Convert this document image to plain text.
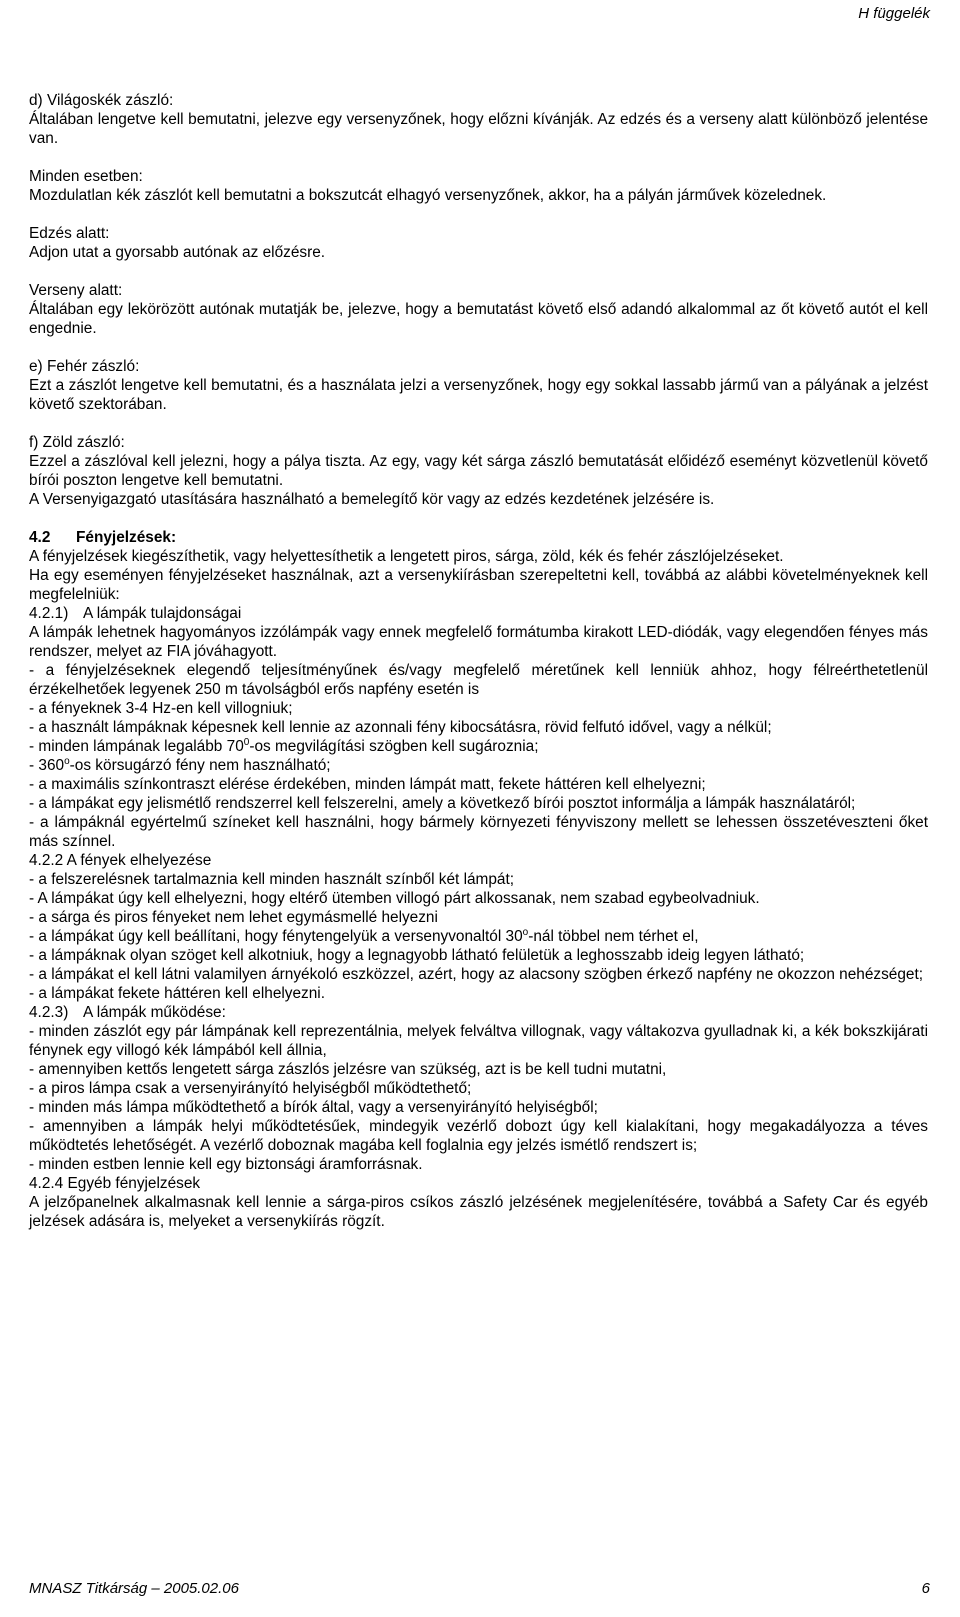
H függelék

d) Világoskék zászló:

Általában lengetve kell bemutatni, jelezve egy versenyzőnek, hogy előzni kívánják. Az edzés és a verseny alatt különböző jelentése van.

Minden esetben:

Mozdulatlan kék zászlót kell bemutatni a bokszutcát elhagyó versenyzőnek, akkor, ha a pályán járművek közelednek.

Edzés alatt:

Adjon utat a gyorsabb autónak az előzésre.

Verseny alatt:

Általában egy lekörözött autónak mutatják be, jelezve, hogy a bemutatást követő első adandó alkalommal az őt követő autót el kell engednie.

e) Fehér zászló:

Ezt a zászlót lengetve kell bemutatni, és a használata jelzi a versenyzőnek, hogy egy sokkal lassabb jármű van a pályának a jelzést követő szektorában.

f) Zöld zászló:

Ezzel a zászlóval kell jelezni, hogy a pálya tiszta. Az egy, vagy két sárga zászló bemutatását előidéző eseményt közvetlenül követő bírói poszton lengetve kell bemutatni.

A Versenyigazgató utasítására használható a bemelegítő kör vagy az edzés kezdetének jelzésére is.

4.2 Fényjelzések:

A fényjelzések kiegészíthetik, vagy helyettesíthetik a lengetett piros, sárga, zöld, kék és fehér zászlójelzéseket.

Ha egy eseményen fényjelzéseket használnak, azt a versenykiírásban szerepeltetni kell, továbbá az alábbi követelményeknek kell megfelelniük:

4.2.1) A lámpák tulajdonságai

A lámpák lehetnek hagyományos izzólámpák vagy ennek megfelelő formátumba kirakott LED-diódák, vagy elegendően fényes más rendszer, melyet az FIA jóváhagyott.

- a fényjelzéseknek elegendő teljesítményűnek és/vagy megfelelő méretűnek kell lenniük ahhoz, hogy félreérthetetlenül érzékelhetőek legyenek 250 m távolságból erős napfény esetén is

- a fényeknek 3-4 Hz-en kell villogniuk;

- a használt lámpáknak képesnek kell lennie az azonnali fény kibocsátásra, rövid felfutó idővel, vagy a nélkül;

- minden lámpának legalább $70^0-os$ megvilágítási szögben kell sugároznia;

- 360$^o$-os körsugárzó fény nem használható;

- a maximális színkontraszt elérése érdekében, minden lámpát matt, fekete háttéren kell elhelyezni;

- a lámpákat egy jelismétlő rendszerrel kell felszerelni, amely a következő bírói posztot informálja a lámpák használatáról;

- a lámpáknál egyértelmű színeket kell használni, hogy bármely környezeti fényviszony mellett se lehessen összetéveszteni őket más színnel.

4.2.2 A fények elhelyezése

- a felszerelésnek tartalmaznia kell minden használt színből két lámpát;

- A lámpákat úgy kell elhelyezni, hogy eltérő ütemben villogó párt alkossanak, nem szabad egybeolvadniuk.

- a sárga és piros fényeket nem lehet egymásmellé helyezni

- a lámpákat úgy kell beállítani, hogy fénytengelyük a versenyvonaltól 30$^o$-nál többel nem térhet el,

- a lámpáknak olyan szöget kell alkotniuk, hogy a legnagyobb látható felületük a leghosszabb ideig legyen látható;

- a lámpákat el kell látni valamilyen árnyékoló eszközzel, azért, hogy az alacsony szögben érkező napfény ne okozzon nehézséget;

- a lámpákat fekete háttéren kell elhelyezni.

4.2.3) A lámpák működése:

- minden zászlót egy pár lámpának kell reprezentálnia, melyek felváltva villognak, vagy váltakozva gyulladnak ki, a kék bokszkijárati fénynek egy villogó kék lámpából kell állnia,

- amennyiben kettős lengetett sárga zászlós jelzésre van szükség, azt is be kell tudni mutatni,

- a piros lámpa csak a versenyirányító helyiségből működtethető;

- minden más lámpa működtethető a bírók által, vagy a versenyirányító helyiségből;

- amennyiben a lámpák helyi működtetésűek, mindegyik vezérlő dobozt úgy kell kialakítani, hogy megakadályozza a téves működtetés lehetőségét. A vezérlő doboznak magába kell foglalnia egy jelzés ismétlő rendszert is;

- minden estben lennie kell egy biztonsági áramforrásnak.

4.2.4 Egyéb fényjelzések

A jelzőpanelnek alkalmasnak kell lennie a sárga-piros csíkos zászló jelzésének megjelenítésére, továbbá a Safety Car és egyéb jelzések adására is, melyeket a versenykiírás rögzít.

MNASZ Titkárság – 2005.02.06	6
